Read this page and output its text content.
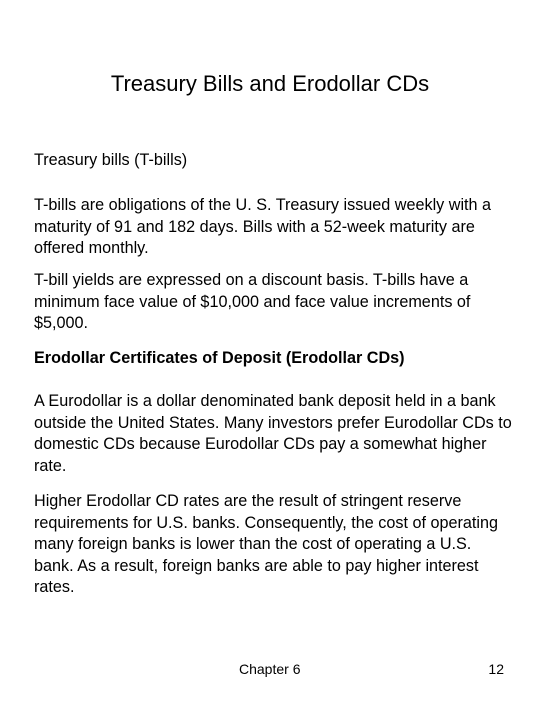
Treasury Bills and Erodollar CDs
Treasury bills (T-bills)
T-bills are obligations of the U. S. Treasury issued weekly with a maturity of 91 and 182 days. Bills with a 52-week maturity are offered monthly.
T-bill yields are expressed on a discount basis. T-bills have a minimum face value of $10,000 and face value increments of $5,000.
Erodollar Certificates of Deposit (Erodollar CDs)
A Eurodollar is a dollar denominated bank deposit held in a bank outside the United States. Many investors prefer Eurodollar CDs to domestic CDs because Eurodollar CDs pay a somewhat higher rate.
Higher Erodollar CD rates are the result of stringent reserve requirements for U.S. banks. Consequently, the cost of operating many foreign banks is lower than the cost of operating a U.S. bank. As a result, foreign banks are able to pay higher interest rates.
Chapter 6	12
